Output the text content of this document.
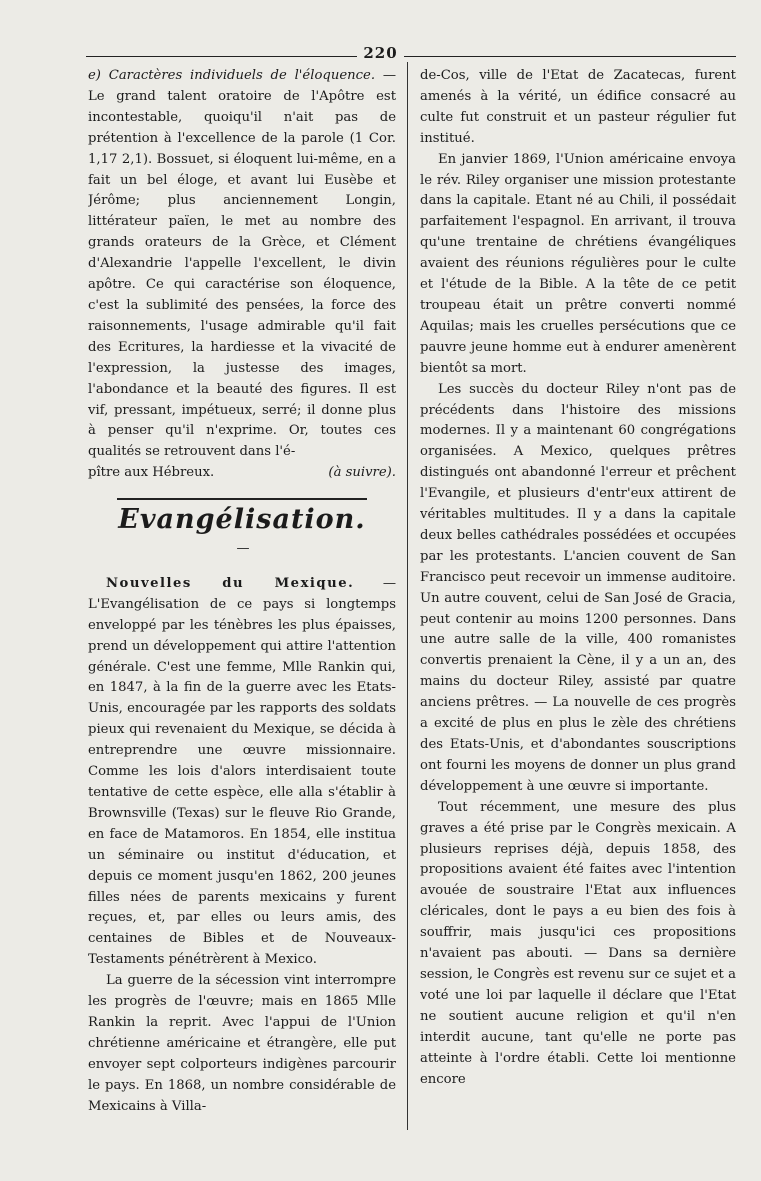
220

e) Caractères individuels de l'éloquence. — Le grand talent oratoire de l'Apôtre est incontestable, quoiqu'il n'ait pas de prétention à l'excellence de la parole (1 Cor. 1,17 2,1). Bossuet, si éloquent lui-même, en a fait un bel éloge, et avant lui Eusèbe et Jérôme; plus anciennement Longin, littérateur païen, le met au nombre des grands orateurs de la Grèce, et Clément d'Alexandrie l'appelle l'excellent, le divin apôtre. Ce qui caractérise son éloquence, c'est la sublimité des pensées, la force des raisonnements, l'usage admirable qu'il fait des Ecritures, la hardiesse et la vivacité de l'expression, la justesse des images, l'abondance et la beauté des figures. Il est vif, pressant, impétueux, serré; il donne plus à penser qu'il n'exprime. Or, toutes ces qualités se retrouvent dans l'é-

pître aux Hébreux.	(à suivre).

Evangélisation.
—

Nouvelles du Mexique. — L'Evangélisation de ce pays si longtemps enveloppé par les ténèbres les plus épaisses, prend un développement qui attire l'attention générale. C'est une femme, Mlle Rankin qui, en 1847, à la fin de la guerre avec les Etats-Unis, encouragée par les rapports des soldats pieux qui revenaient du Mexique, se décida à entreprendre une œuvre missionnaire. Comme les lois d'alors interdisaient toute tentative de cette espèce, elle alla s'établir à Brownsville (Texas) sur le fleuve Rio Grande, en face de Matamoros. En 1854, elle institua un séminaire ou institut d'éducation, et depuis ce moment jusqu'en 1862, 200 jeunes filles nées de parents mexicains y furent reçues, et, par elles ou leurs amis, des centaines de Bibles et de Nouveaux-Testaments pénétrèrent à Mexico.

La guerre de la sécession vint interrompre les progrès de l'œuvre; mais en 1865 Mlle Rankin la reprit. Avec l'appui de l'Union chrétienne américaine et étrangère, elle put envoyer sept colporteurs indigènes parcourir le pays. En 1868, un nombre considérable de Mexicains à Villa-

de-Cos, ville de l'Etat de Zacatecas, furent amenés à la vérité, un édifice consacré au culte fut construit et un pasteur régulier fut institué.

En janvier 1869, l'Union américaine envoya le rév. Riley organiser une mission protestante dans la capitale. Etant né au Chili, il possédait parfaitement l'espagnol. En arrivant, il trouva qu'une trentaine de chrétiens évangéliques avaient des réunions régulières pour le culte et l'étude de la Bible. A la tête de ce petit troupeau était un prêtre converti nommé Aquilas; mais les cruelles persécutions que ce pauvre jeune homme eut à endurer amenèrent bientôt sa mort.

Les succès du docteur Riley n'ont pas de précédents dans l'histoire des missions modernes. Il y a maintenant 60 congrégations organisées. A Mexico, quelques prêtres distingués ont abandonné l'erreur et prêchent l'Evangile, et plusieurs d'entr'eux attirent de véritables multitudes. Il y a dans la capitale deux belles cathédrales possédées et occupées par les protestants. L'ancien couvent de San Francisco peut recevoir un immense auditoire. Un autre couvent, celui de San José de Gracia, peut contenir au moins 1200 personnes. Dans une autre salle de la ville, 400 romanistes convertis prenaient la Cène, il y a un an, des mains du docteur Riley, assisté par quatre anciens prêtres. — La nouvelle de ces progrès a excité de plus en plus le zèle des chrétiens des Etats-Unis, et d'abondantes souscriptions ont fourni les moyens de donner un plus grand développement à une œuvre si importante.

Tout récemment, une mesure des plus graves a été prise par le Congrès mexicain. A plusieurs reprises déjà, depuis 1858, des propositions avaient été faites avec l'intention avouée de soustraire l'Etat aux influences cléricales, dont le pays a eu bien des fois à souffrir, mais jusqu'ici ces propositions n'avaient pas abouti. — Dans sa dernière session, le Congrès est revenu sur ce sujet et a voté une loi par laquelle il déclare que l'Etat ne soutient aucune religion et qu'il n'en interdit aucune, tant qu'elle ne porte pas atteinte à l'ordre établi. Cette loi mentionne encore
